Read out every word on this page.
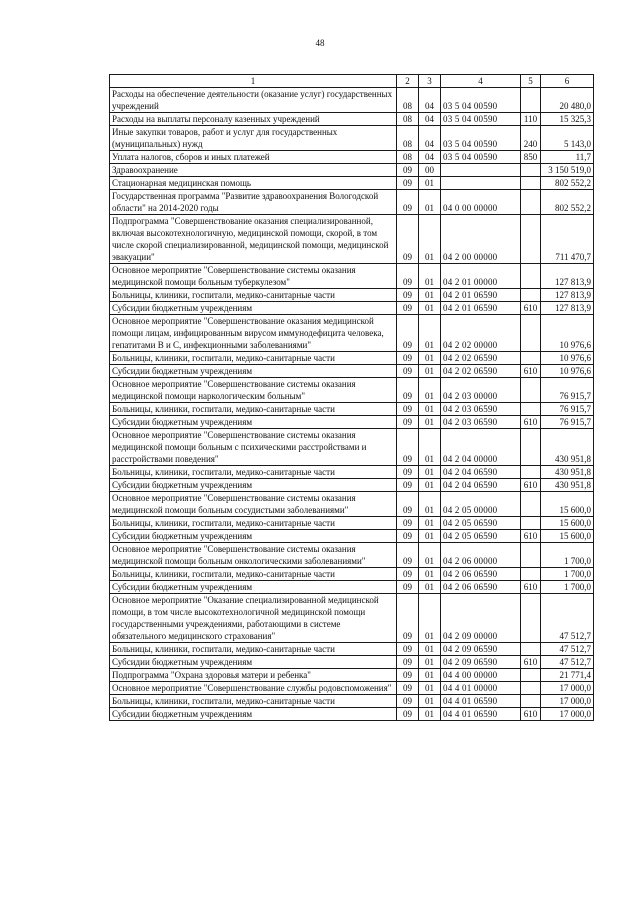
48
1	2	3	4	5	6
Расходы на обеспечение деятельности (оказание услуг) государственных учреждений	08	04	03 5 04 00590		20 480,0
Расходы на выплаты персоналу казенных учреждений	08	04	03 5 04 00590	110	15 325,3
Иные закупки товаров, работ и услуг для государственных (муниципальных) нужд	08	04	03 5 04 00590	240	5 143,0
Уплата налогов, сборов и иных платежей	08	04	03 5 04 00590	850	11,7
Здравоохранение	09	00			3 150 519,0
Стационарная медицинская помощь	09	01			802 552,2
Государственная программа "Развитие здравоохранения Вологодской области" на 2014-2020 годы	09	01	04 0 00 00000		802 552,2
Подпрограмма "Совершенствование оказания специализированной, включая высокотехнологичную, медицинской помощи, скорой, в том числе скорой специализированной, медицинской помощи, медицинской эвакуации"	09	01	04 2 00 00000		711 470,7
Основное мероприятие "Совершенствование системы оказания медицинской помощи больным туберкулезом"	09	01	04 2 01 00000		127 813,9
Больницы, клиники, госпитали, медико-санитарные части	09	01	04 2 01 06590		127 813,9
Субсидии бюджетным учреждениям	09	01	04 2 01 06590	610	127 813,9
Основное мероприятие "Совершенствование оказания медицинской помощи лицам, инфицированным вирусом иммунодефицита человека, гепатитами В и С, инфекционными заболеваниями"	09	01	04 2 02 00000		10 976,6
Больницы, клиники, госпитали, медико-санитарные части	09	01	04 2 02 06590		10 976,6
Субсидии бюджетным учреждениям	09	01	04 2 02 06590	610	10 976,6
Основное мероприятие "Совершенствование системы оказания медицинской помощи наркологическим больным"	09	01	04 2 03 00000		76 915,7
Больницы, клиники, госпитали, медико-санитарные части	09	01	04 2 03 06590		76 915,7
Субсидии бюджетным учреждениям	09	01	04 2 03 06590	610	76 915,7
Основное мероприятие "Совершенствование системы оказания медицинской помощи больным с психическими расстройствами и расстройствами поведения"	09	01	04 2 04 00000		430 951,8
Больницы, клиники, госпитали, медико-санитарные части	09	01	04 2 04 06590		430 951,8
Субсидии бюджетным учреждениям	09	01	04 2 04 06590	610	430 951,8
Основное мероприятие "Совершенствование системы оказания медицинской помощи больным сосудистыми заболеваниями"	09	01	04 2 05 00000		15 600,0
Больницы, клиники, госпитали, медико-санитарные части	09	01	04 2 05 06590		15 600,0
Субсидии бюджетным учреждениям	09	01	04 2 05 06590	610	15 600,0
Основное мероприятие "Совершенствование системы оказания медицинской помощи больным онкологическими заболеваниями"	09	01	04 2 06 00000		1 700,0
Больницы, клиники, госпитали, медико-санитарные части	09	01	04 2 06 06590		1 700,0
Субсидии бюджетным учреждениям	09	01	04 2 06 06590	610	1 700,0
Основное мероприятие "Оказание специализированной медицинской помощи, в том числе высокотехнологичной медицинской помощи государственными учреждениями, работающими в системе обязательного медицинского страхования"	09	01	04 2 09 00000		47 512,7
Больницы, клиники, госпитали, медико-санитарные части	09	01	04 2 09 06590		47 512,7
Субсидии бюджетным учреждениям	09	01	04 2 09 06590	610	47 512,7
Подпрограмма "Охрана здоровья матери и ребенка"	09	01	04 4 00 00000		21 771,4
Основное мероприятие "Совершенствование службы родовспоможения"	09	01	04 4 01 00000		17 000,0
Больницы, клиники, госпитали, медико-санитарные части	09	01	04 4 01 06590		17 000,0
Субсидии бюджетным учреждениям	09	01	04 4 01 06590	610	17 000,0
